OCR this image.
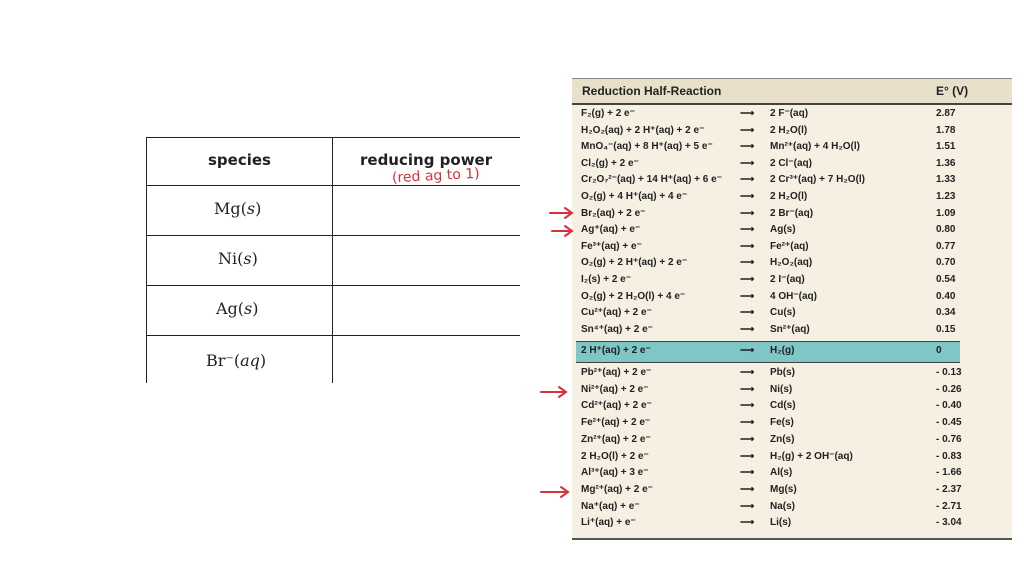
species	reducing power
Mg(𝑠)
Ni(𝑠)
Ag(𝑠)
Br⁻(𝑎𝑞)
(red ag to 1)
Reduction Half-Reaction	E° (V)
F₂(g) + 2 e⁻	⟶ 2 F⁻(aq)	2.87
H₂O₂(aq) + 2 H⁺(aq) + 2 e⁻	⟶ 2 H₂O(l)	1.78
MnO₄⁻(aq) + 8 H⁺(aq) + 5 e⁻	⟶ Mn²⁺(aq) + 4 H₂O(l)	1.51
Cl₂(g) + 2 e⁻	⟶ 2 Cl⁻(aq)	1.36
Cr₂O₇²⁻(aq) + 14 H⁺(aq) + 6 e⁻ ⟶ 2 Cr³⁺(aq) + 7 H₂O(l)	1.33
O₂(g) + 4 H⁺(aq) + 4 e⁻	⟶ 2 H₂O(l)	1.23
Br₂(aq) + 2 e⁻	⟶ 2 Br⁻(aq)	1.09
Ag⁺(aq) + e⁻	⟶ Ag(s)	0.80
Fe³⁺(aq) + e⁻	⟶ Fe²⁺(aq)	0.77
O₂(g) + 2 H⁺(aq) + 2 e⁻	⟶ H₂O₂(aq)	0.70
I₂(s) + 2 e⁻	⟶ 2 I⁻(aq)	0.54
O₂(g) + 2 H₂O(l) + 4 e⁻	⟶ 4 OH⁻(aq)	0.40
Cu²⁺(aq) + 2 e⁻	⟶ Cu(s)	0.34
Sn⁴⁺(aq) + 2 e⁻	⟶ Sn²⁺(aq)	0.15
2 H⁺(aq) + 2 e⁻	⟶ H₂(g)	0
Pb²⁺(aq) + 2 e⁻	⟶ Pb(s)	- 0.13
Ni²⁺(aq) + 2 e⁻	⟶ Ni(s)	- 0.26
Cd²⁺(aq) + 2 e⁻	⟶ Cd(s)	- 0.40
Fe²⁺(aq) + 2 e⁻	⟶ Fe(s)	- 0.45
Zn²⁺(aq) + 2 e⁻	⟶ Zn(s)	- 0.76
2 H₂O(l) + 2 e⁻	⟶ H₂(g) + 2 OH⁻(aq)	- 0.83
Al³⁺(aq) + 3 e⁻	⟶ Al(s)	- 1.66
Mg²⁺(aq) + 2 e⁻	⟶ Mg(s)	- 2.37
Na⁺(aq) + e⁻	⟶ Na(s)	- 2.71
Li⁺(aq) + e⁻	⟶ Li(s)	- 3.04
